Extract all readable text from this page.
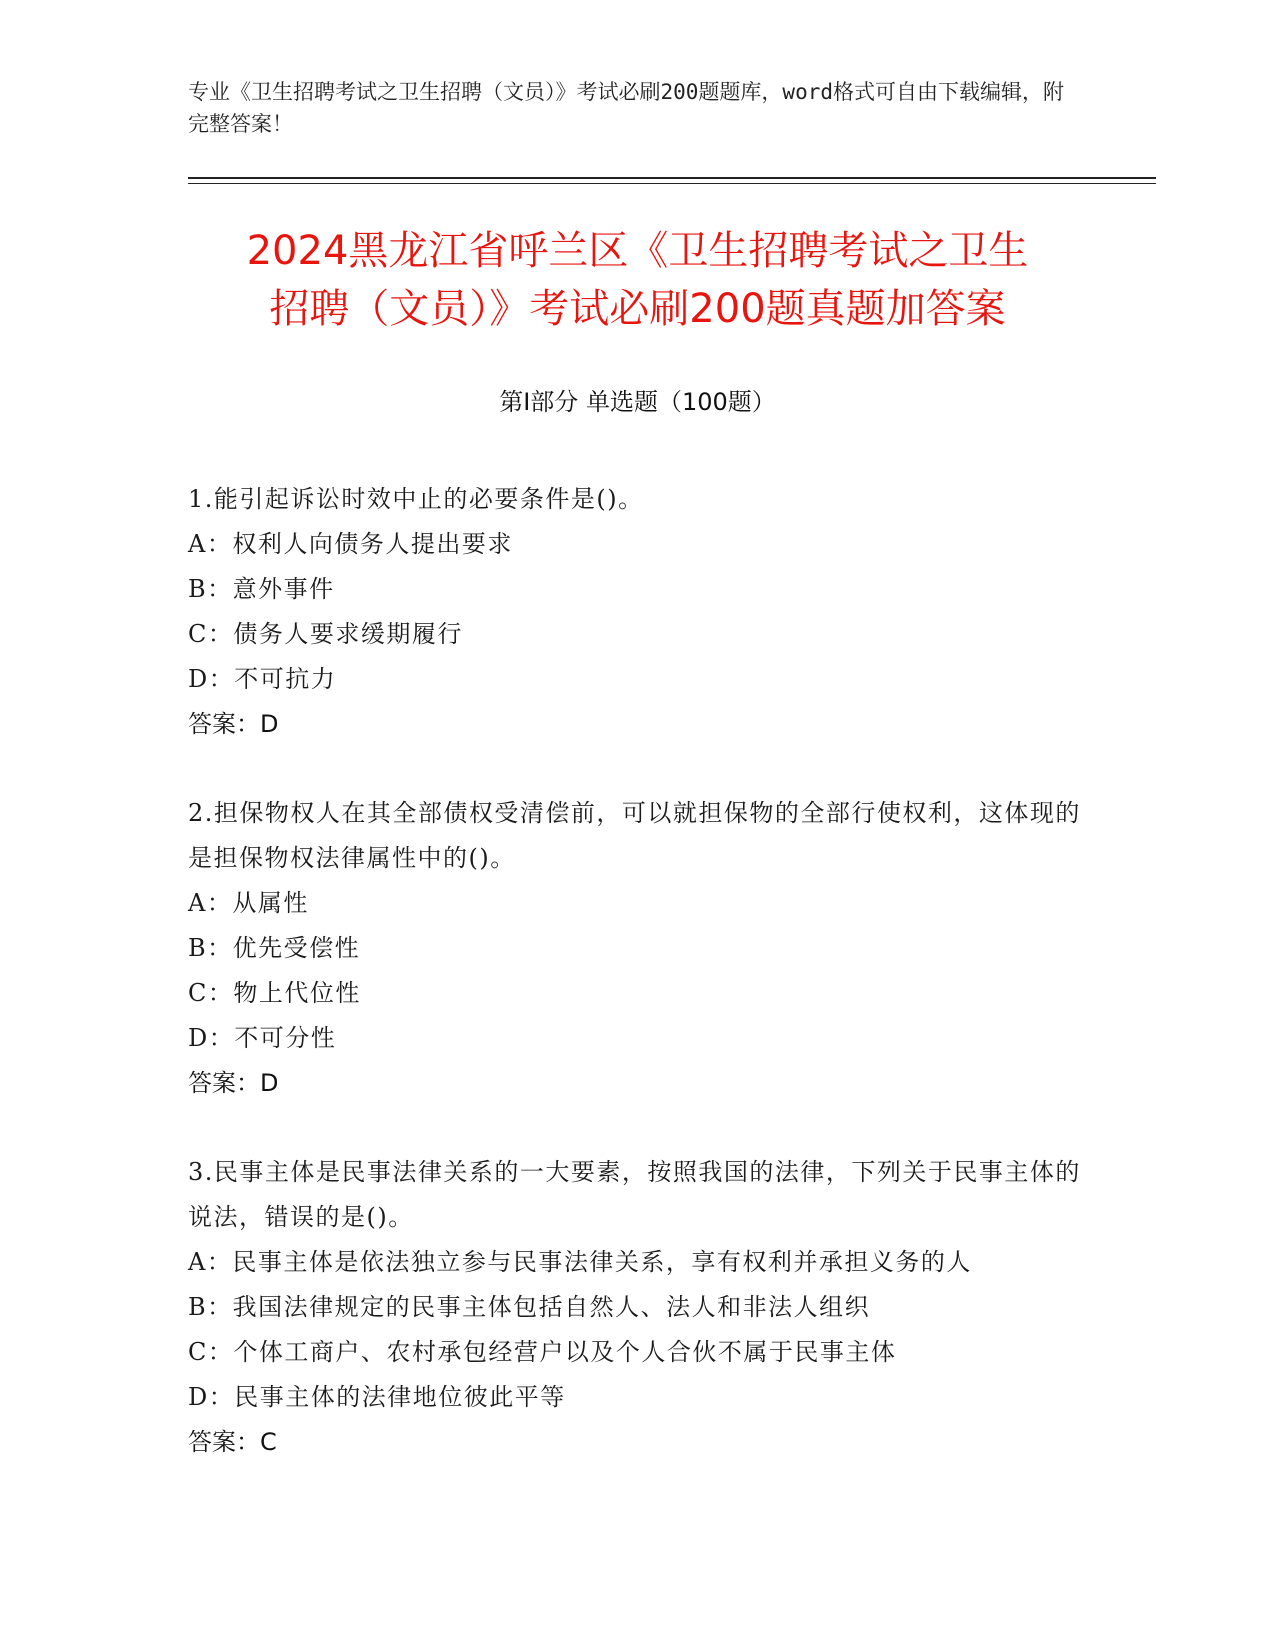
专业《卫生招聘考试之卫生招聘（文员）》考试必刷200题题库，word格式可自由下载编辑，附完整答案！
2024黑龙江省呼兰区《卫生招聘考试之卫生
招聘（文员）》考试必刷200题真题加答案
第Ⅰ部分 单选题（100题）
1.能引起诉讼时效中止的必要条件是()。
A：权利人向债务人提出要求
B：意外事件
C：债务人要求缓期履行
D：不可抗力
答案：D
2.担保物权人在其全部债权受清偿前，可以就担保物的全部行使权利，这体现的是担保物权法律属性中的()。
A：从属性
B：优先受偿性
C：物上代位性
D：不可分性
答案：D
3.民事主体是民事法律关系的一大要素，按照我国的法律，下列关于民事主体的说法，错误的是()。
A：民事主体是依法独立参与民事法律关系，享有权利并承担义务的人
B：我国法律规定的民事主体包括自然人、法人和非法人组织
C：个体工商户、农村承包经营户以及个人合伙不属于民事主体
D：民事主体的法律地位彼此平等
答案：C
